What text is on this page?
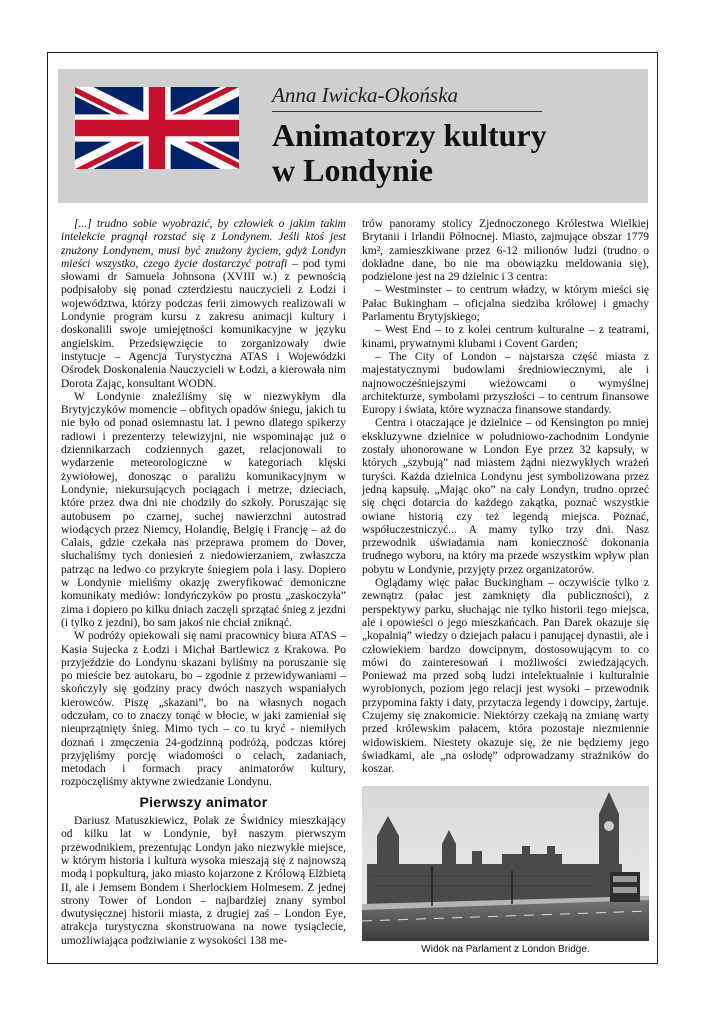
Anna Iwicka-Okońska
Animatorzy kultury
w Londynie

[...] trudno sobie wyobrazić, by człowiek o jakim takim intelekcie pragnął rozstać się z Londynem. Jeśli ktoś jest znużony Londynem, musi być znużony życiem, gdyż Londyn mieści wszystko, czego życie dostarczyć potrafi – pod tymi słowami dr Samuela Johnsona (XVIII w.) z pewnością podpisałoby się ponad czterdziestu nauczycieli z Łodzi i województwa, którzy podczas ferii zimowych realizowali w Londynie program kursu z zakresu animacji kultury i doskonalili swoje umiejętności komunikacyjne w języku angielskim. Przedsięwzięcie to zorganizowały dwie instytucje – Agencja Turystyczna ATAS i Wojewódzki Ośrodek Doskonalenia Nauczycieli w Łodzi, a kierowała nim Dorota Zając, konsultant WODN.

W Londynie znaleźliśmy się w niezwykłym dla Brytyjczyków momencie – obfitych opadów śniegu, jakich tu nie było od ponad osiemnastu lat. I pewno dlatego spikerzy radiowi i prezenterzy telewizyjni, nie wspominając już o dziennikarzach codziennych gazet, relacjonowali to wydarzenie meteorologiczne w kategoriach klęski żywiołowej, donosząc o paraliżu komunikacyjnym w Londynie, niekursujących pociągach i metrze, dzieciach, które przez dwa dni nie chodziły do szkoły. Poruszając się autobusem po czarnej, suchej nawierzchni autostrad wiodących przez Niemcy, Holandię, Belgię i Francję – aż do Calais, gdzie czekała nas przeprawa promem do Dover, słuchaliśmy tych doniesień z niedowierzaniem, zwłaszcza patrząc na ledwo co przykryte śniegiem pola i lasy. Dopiero w Londynie mieliśmy okazję zweryfikować demoniczne komunikaty mediów: londyńczyków po prostu „zaskoczyła” zima i dopiero po kilku dniach zaczęli sprzątać śnieg z jezdni (i tylko z jezdni), bo sam jakoś nie chciał zniknąć.

W podróży opiekowali się nami pracownicy biura ATAS – Kasia Sujecka z Łodzi i Michał Bartlewicz z Krakowa. Po przyjeździe do Londynu skazani byliśmy na poruszanie się po mieście bez autokaru, bo – zgodnie z przewidywaniami – skończyły się godziny pracy dwóch naszych wspaniałych kierowców. Piszę „skazani”, bo na własnych nogach odczułam, co to znaczy tonąć w błocie, w jaki zamieniał się nieuprzątnięty śnieg. Mimo tych – co tu kryć - niemiłych doznań i zmęczenia 24-godzinną podróżą, podczas której przyjęliśmy porcję wiadomości o celach, zadaniach, metodach i formach pracy animatorów kultury, rozpoczęliśmy aktywne zwiedzanie Londynu.

Pierwszy animator

Dariusz Matuszkiewicz, Polak ze Świdnicy mieszkający od kilku lat w Londynie, był naszym pierwszym przewodnikiem, prezentując Londyn jako niezwykłe miejsce, w którym historia i kultura wysoka mieszają się z najnowszą modą i popkulturą, jako miasto kojarzone z Królową Elżbietą II, ale i Jemsem Bondem i Sherlockiem Holmesem. Z jednej strony Tower of London – najbardziej znany symbol dwutysięcznej historii miasta, z drugiej zaś – London Eye, atrakcja turystyczna skonstruowana na nowe tysiąclecie, umożliwiająca podziwianie z wysokości 138 me-

trów panoramy stolicy Zjednoczonego Królestwa Wielkiej Brytanii i Irlandii Północnej. Miasto, zajmujące obszar 1779 km², zamieszkiwane przez 6-12 milionów ludzi (trudno o dokładne dane, bo nie ma obowiązku meldowania się), podzielone jest na 29 dzielnic i 3 centra:

– Westminster – to centrum władzy, w którym mieści się Pałac Bukingham – oficjalna siedziba królowej i gmachy Parlamentu Brytyjskiego;

– West End – to z kolei centrum kulturalne – z teatrami, kinami, prywatnymi klubami i Covent Garden;

– The City of London – najstarsza część miasta z majestatycznymi budowlami średniowiecznymi, ale i najnowocześniejszymi wieżowcami o wymyślnej architekturze, symbolami przyszłości – to centrum finansowe Europy i świata, które wyznacza finansowe standardy.

Centra i otaczające je dzielnice – od Kensington po mniej ekskluzywne dzielnice w południowo-zachodnim Londynie zostały uhonorowane w London Eye przez 32 kapsuły, w których „szybują” nad miastem żądni niezwykłych wrażeń turyści. Każda dzielnica Londynu jest symbolizowana przez jedną kapsułę. „Mając oko” na cały Londyn, trudno oprzeć się chęci dotarcia do każdego zakątka, poznać wszystkie owiane historią czy też legendą miejsca. Poznać, współuczestniczyć... A mamy tylko trzy dni. Nasz przewodnik uświadamia nam konieczność dokonania trudnego wyboru, na który ma przede wszystkim wpływ plan pobytu w Londynie, przyjęty przez organizatorów.

Oglądamy więc pałac Buckingham – oczywiście tylko z zewnątrz (pałac jest zamknięty dla publiczności), z perspektywy parku, słuchając nie tylko historii tego miejsca, ale i opowieści o jego mieszkańcach. Pan Darek okazuje się „kopalnią” wiedzy o dziejach pałacu i panującej dynastii, ale i człowiekiem bardzo dowcipnym, dostosowującym to co mówi do zainteresowań i możliwości zwiedzających. Ponieważ ma przed sobą ludzi intelektualnie i kulturalnie wyrobionych, poziom jego relacji jest wysoki – przewodnik przypomina fakty i daty, przytacza legendy i dowcipy, żartuje. Czujemy się znakomicie. Niektórzy czekają na zmianę warty przed królewskim pałacem, która pozostaje niezmiennie widowiskiem. Niestety okazuje się, że nie będziemy jego świadkami, ale „na osłodę” odprowadzamy strażników do koszar.

Widok na Parlament z London Bridge.
